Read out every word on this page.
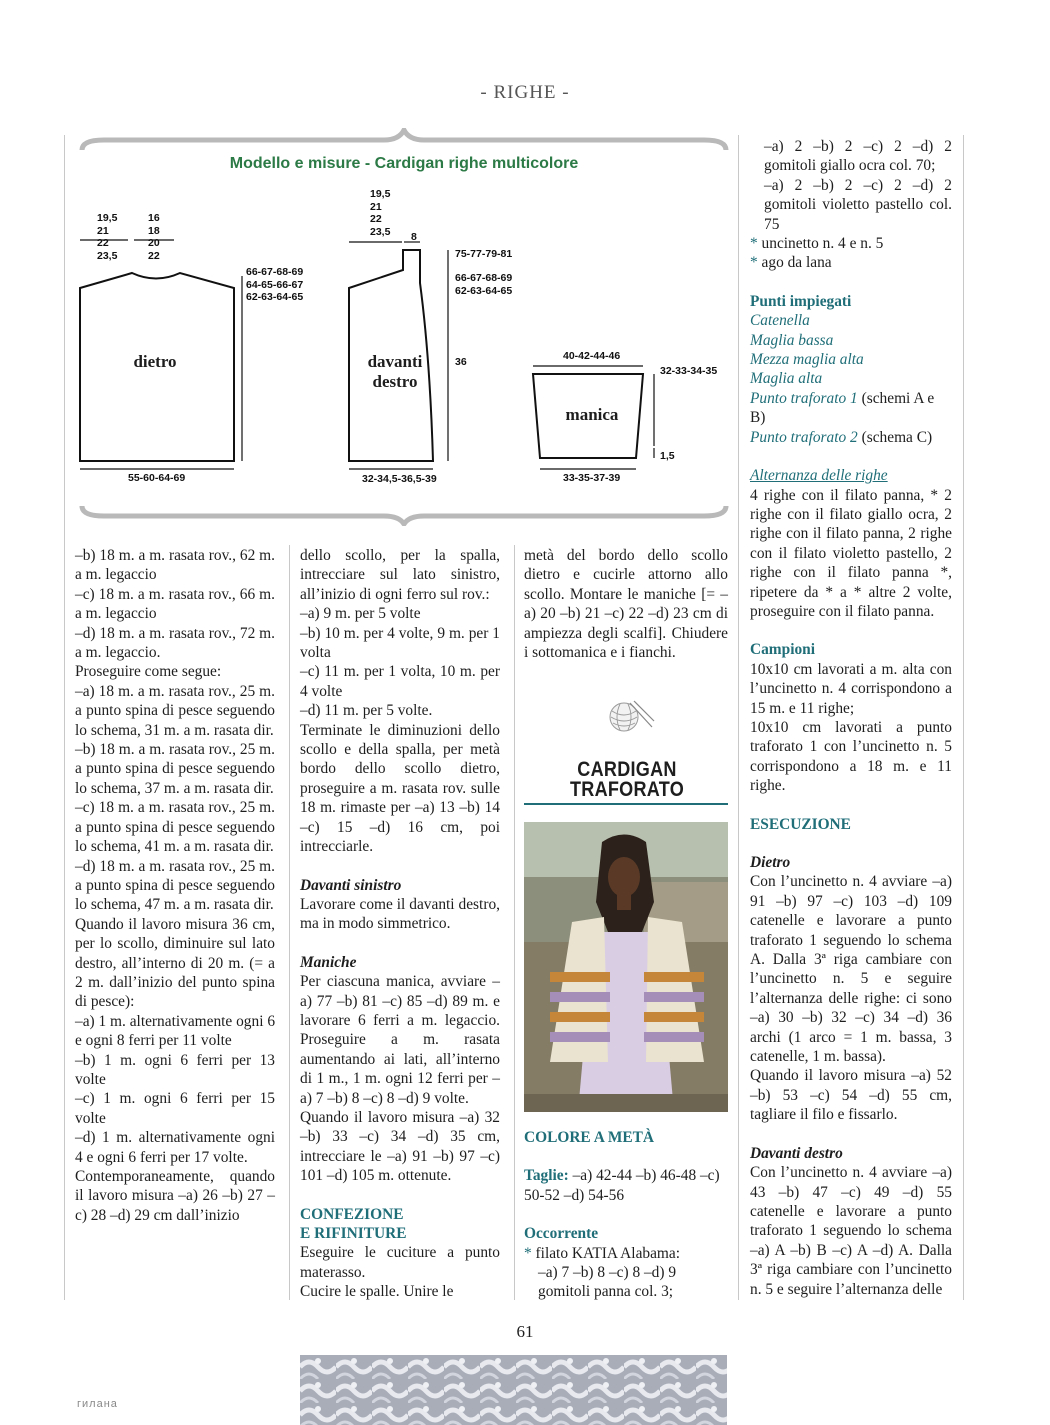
- RIGHE -
Modello e misure - Cardigan righe multicolore
19,5
21
22
23,5
16
18
20
22
66-67-68-69
64-65-66-67
62-63-64-65
dietro
55-60-64-69
19,5
21
22
23,5 8
75-77-79-81
66-67-68-69
62-63-64-65
36
davanti
destro
32-34,5-36,5-39
40-42-44-46
32-33-34-35
manica
1,5
33-35-37-39

–b) 18 m. a m. rasata rov., 62 m. a m. legaccio

–c) 18 m. a m. rasata rov., 66 m. a m. legaccio

–d) 18 m. a m. rasata rov., 72 m. a m. legaccio.

Proseguire come segue:

–a) 18 m. a m. rasata rov., 25 m. a punto spina di pesce seguendo lo schema, 31 m. a m. rasata dir.

–b) 18 m. a m. rasata rov., 25 m. a punto spina di pesce seguendo lo schema, 37 m. a m. rasata dir.

–c) 18 m. a m. rasata rov., 25 m. a punto spina di pesce seguendo lo schema, 41 m. a m. rasata dir.

–d) 18 m. a m. rasata rov., 25 m. a punto spina di pesce seguendo lo schema, 47 m. a m. rasata dir.

Quando il lavoro misura 36 cm, per lo scollo, diminuire sul lato destro, all’interno di 20 m. (= a 2 m. dall’inizio del punto spina di pesce):

–a) 1 m. alternativamente ogni 6 e ogni 8 ferri per 11 volte

–b) 1 m. ogni 6 ferri per 13 volte

–c) 1 m. ogni 6 ferri per 15 volte

–d) 1 m. alternativamente ogni 4 e ogni 6 ferri per 17 volte.

Contemporaneamente, quando il lavoro misura –a) 26 –b) 27 –c) 28 –d) 29 cm dall’inizio

dello scollo, per la spalla, intrecciare sul lato sinistro, all’inizio di ogni ferro sul rov.:

–a) 9 m. per 5 volte

–b) 10 m. per 4 volte, 9 m. per 1 volta

–c) 11 m. per 1 volta, 10 m. per 4 volte

–d) 11 m. per 5 volte.

Terminate le diminuzioni dello scollo e della spalla, per metà bordo dello scollo dietro, proseguire a m. rasata rov. sulle 18 m. rimaste per –a) 13 –b) 14 –c) 15 –d) 16 cm, poi intrecciarle.

Davanti sinistro

Lavorare come il davanti destro, ma in modo simmetrico.

Maniche

Per ciascuna manica, avviare –a) 77 –b) 81 –c) 85 –d) 89 m. e lavorare 6 ferri a m. legaccio. Proseguire a m. rasata aumentando ai lati, all’interno di 1 m., 1 m. ogni 12 ferri per –a) 7 –b) 8 –c) 8 –d) 9 volte.

Quando il lavoro misura –a) 32 –b) 33 –c) 34 –d) 35 cm, intrecciare le –a) 91 –b) 97 –c) 101 –d) 105 m. ottenute.

CONFEZIONE

E RIFINITURE

Eseguire le cuciture a punto materasso.

Cucire le spalle. Unire le

metà del bordo dello scollo dietro e cucirle attorno allo scollo. Montare le maniche [= –a) 20 –b) 21 –c) 22 –d) 23 cm di ampiezza degli scalfi]. Chiudere i sottomanica e i fianchi.

CARDIGAN
TRAFORATO

COLORE A METÀ

Taglie: –a) 42-44 –b) 46-48 –c) 50-52 –d) 54-56

Occorrente

* filato KATIA Alabama:

–a) 7 –b) 8 –c) 8 –d) 9 gomitoli panna col. 3;

–a) 2 –b) 2 –c) 2 –d) 2 gomitoli giallo ocra col. 70;

–a) 2 –b) 2 –c) 2 –d) 2 gomitoli violetto pastello col. 75

* uncinetto n. 4 e n. 5

* ago da lana

Punti impiegati

Catenella

Maglia bassa

Mezza maglia alta

Maglia alta

Punto traforato 1 (schemi A e B)

Punto traforato 2 (schema C)

Alternanza delle righe

4 righe con il filato panna, * 2 righe con il filato giallo ocra, 2 righe con il filato panna, 2 righe con il filato violetto pastello, 2 righe con il filato panna *, ripetere da * a * altre 2 volte, proseguire con il filato panna.

Campioni

10x10 cm lavorati a m. alta con l’uncinetto n. 4 corrispondono a 15 m. e 11 righe;

10x10 cm lavorati a punto traforato 1 con l’uncinetto n. 5 corrispondono a 18 m. e 11 righe.

ESECUZIONE

Dietro

Con l’uncinetto n. 4 avviare –a) 91 –b) 97 –c) 103 –d) 109 catenelle e lavorare a punto traforato 1 seguendo lo schema A. Dalla 3ª riga cambiare con l’uncinetto n. 5 e seguire l’alternanza delle righe: ci sono –a) 30 –b) 32 –c) 34 –d) 36 archi (1 arco = 1 m. bassa, 3 catenelle, 1 m. bassa).

Quando il lavoro misura –a) 52 –b) 53 –c) 54 –d) 55 cm, tagliare il filo e fissarlo.

Davanti destro

Con l’uncinetto n. 4 avviare –a) 43 –b) 47 –c) 49 –d) 55 catenelle e lavorare a punto traforato 1 seguendo lo schema –a) A –b) B –c) A –d) A. Dalla 3ª riga cambiare con l’uncinetto n. 5 e seguire l’alternanza delle

61
гилана
